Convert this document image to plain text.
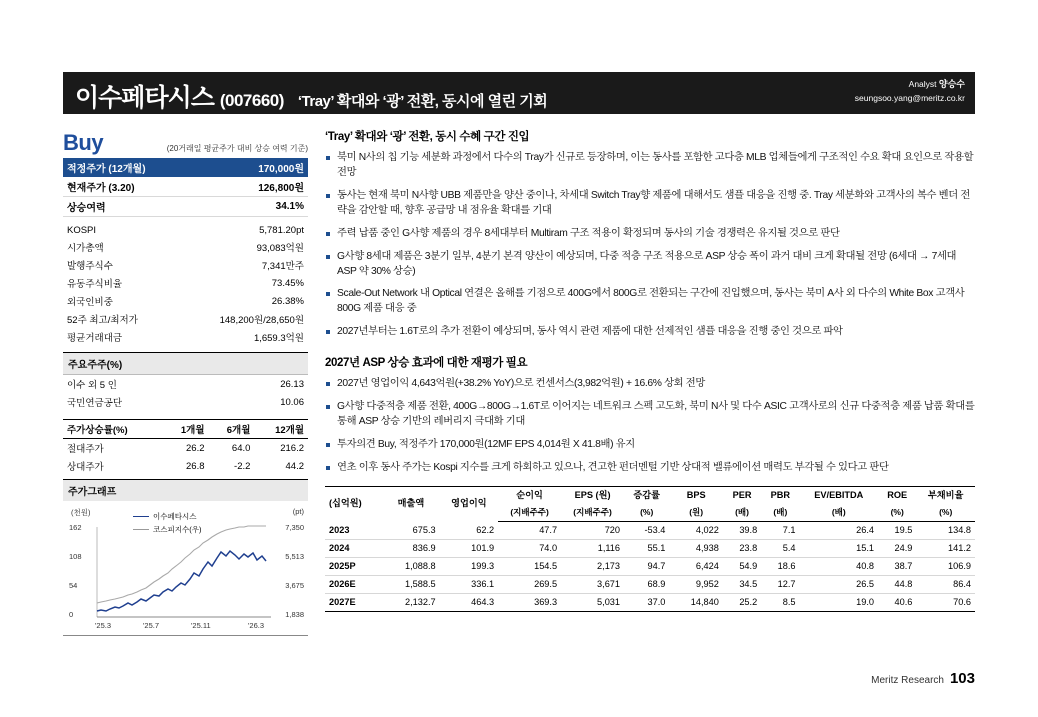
이수페타시스 (007660) ‘Tray’ 확대와 ‘광’ 전환, 동시에 열린 기회
Analyst 양승수
seungsoo.yang@meritz.co.kr
Buy	(20거래일 평균주가 대비 상승 여력 기준)
적정주가 (12개월)	170,000원
현재주가 (3.20)	126,800원
상승여력	34.1%
KOSPI	5,781.20pt
시가총액	93,083억원
발행주식수	7,341만주
유동주식비율	73.45%
외국인비중	26.38%
52주 최고/최저가	148,200원/28,650원
평균거래대금	1,659.3억원
주요주주(%)
이수 외 5 인	26.13
국민연금공단	10.06
주가상승률(%)	1개월	6개월	12개월
절대주가	26.2	64.0	216.2
상대주가	26.8	-2.2	44.2
주가그래프
(천원)	(pt)
162
108
54
0
7,350
5,513
3,675
1,838
이수페타시스
코스피지수(우)
'25.3	'25.7	'25.11	'26.3
‘Tray’ 확대와 ‘광’ 전환, 동시 수혜 구간 진입
북미 N사의 칩 기능 세분화 과정에서 다수의 Tray가 신규로 등장하며, 이는 동사를 포함한 고다층 MLB 업체들에게 구조적인 수요 확대 요인으로 작용할 전망
동사는 현재 북미 N사향 UBB 제품만을 양산 중이나, 차세대 Switch Tray향 제품에 대해서도 샘플 대응을 진행 중. Tray 세분화와 고객사의 복수 벤더 전략을 감안할 때, 향후 공급망 내 점유율 확대를 기대
주력 납품 중인 G사향 제품의 경우 8세대부터 Multiram 구조 적용이 확정되며 동사의 기술 경쟁력은 유지될 것으로 판단
G사향 8세대 제품은 3분기 일부, 4분기 본격 양산이 예상되며, 다중 적층 구조 적용으로 ASP 상승 폭이 과거 대비 크게 확대될 전망 (6세대 → 7세대 ASP 약 30% 상승)
Scale-Out Network 내 Optical 연결은 올해를 기점으로 400G에서 800G로 전환되는 구간에 진입했으며, 동사는 북미 A사 외 다수의 White Box 고객사 800G 제품 대응 중
2027년부터는 1.6T로의 추가 전환이 예상되며, 동사 역시 관련 제품에 대한 선제적인 샘플 대응을 진행 중인 것으로 파악
2027년 ASP 상승 효과에 대한 재평가 필요
2027년 영업이익 4,643억원(+38.2% YoY)으로 컨센서스(3,982억원) + 16.6% 상회 전망
G사향 다중적층 제품 전환, 400G→800G→1.6T로 이어지는 네트워크 스펙 고도화, 북미 N사 및 다수 ASIC 고객사로의 신규 다중적층 제품 납품 확대를 통해 ASP 상승 기반의 레버리지 극대화 기대
투자의견 Buy, 적정주가 170,000원(12MF EPS 4,014원 X 41.8배) 유지
연초 이후 동사 주가는 Kospi 지수를 크게 하회하고 있으나, 견고한 펀더멘털 기반 상대적 밸류에이션 매력도 부각될 수 있다고 판단
(십억원)	매출액	영업이익	순이익	EPS (원)	증감률	BPS	PER	PBR	EV/EBITDA	ROE	부채비율
			(지배주주)	(지배주주)	(%)	(원)	(배)	(배)	(배)	(%)	(%)
2023	675.3	62.2	47.7	720	-53.4	4,022	39.8	7.1	26.4	19.5	134.8
2024	836.9	101.9	74.0	1,116	55.1	4,938	23.8	5.4	15.1	24.9	141.2
2025P	1,088.8	199.3	154.5	2,173	94.7	6,424	54.9	18.6	40.8	38.7	106.9
2026E	1,588.5	336.1	269.5	3,671	68.9	9,952	34.5	12.7	26.5	44.8	86.4
2027E	2,132.7	464.3	369.3	5,031	37.0	14,840	25.2	8.5	19.0	40.6	70.6
Meritz Research 103
